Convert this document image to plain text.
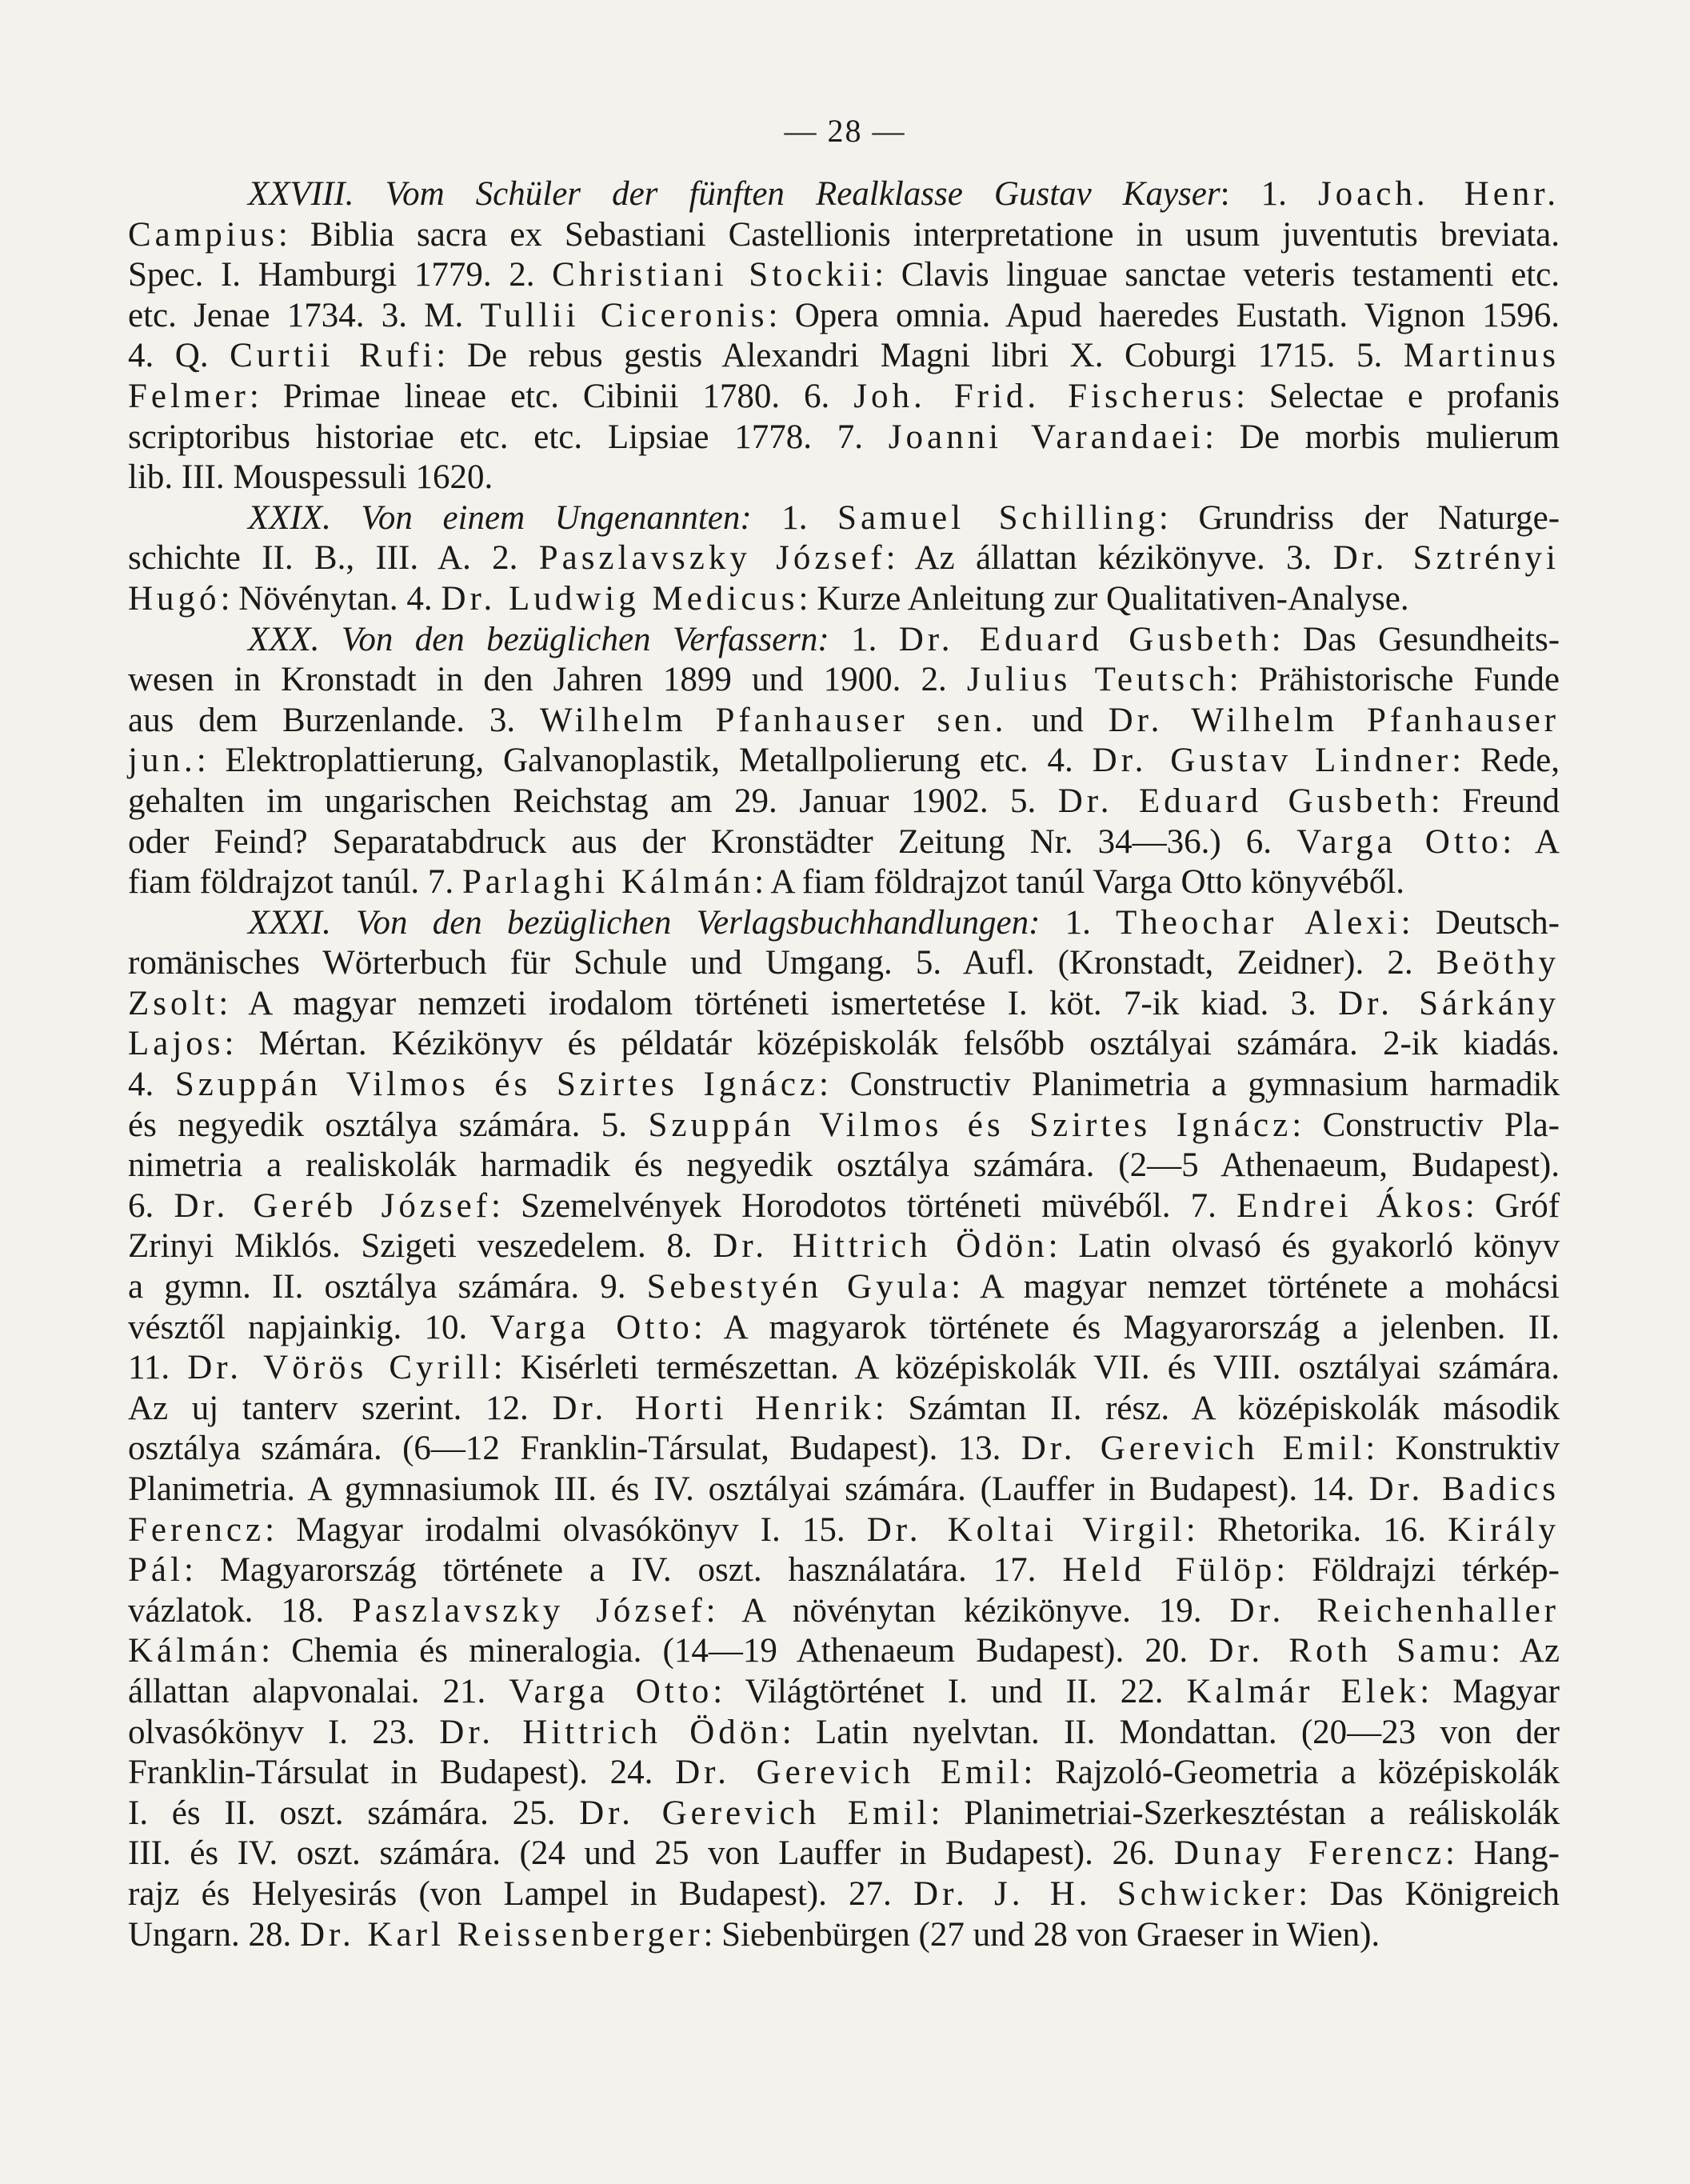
— 28 —
XXVIII. Vom Schüler der fünften Realklasse Gustav Kayser: 1. Joach. Henr.
Campius: Biblia sacra ex Sebastiani Castellionis interpretatione in usum juventutis breviata.
Spec. I. Hamburgi 1779. 2. Christiani Stockii: Clavis linguae sanctae veteris testamenti etc.
etc. Jenae 1734. 3. M. Tullii Ciceronis: Opera omnia. Apud haeredes Eustath. Vignon 1596.
4. Q. Curtii Rufi: De rebus gestis Alexandri Magni libri X. Coburgi 1715. 5. Martinus
Felmer: Primae lineae etc. Cibinii 1780. 6. Joh. Frid. Fischerus: Selectae e profanis
scriptoribus historiae etc. etc. Lipsiae 1778. 7. Joanni Varandaei: De morbis mulierum
lib. III. Mouspessuli 1620.
XXIX. Von einem Ungenannten: 1. Samuel Schilling: Grundriss der Naturge-
schichte II. B., III. A. 2. Paszlavszky József: Az állattan kézikönyve. 3. Dr. Sztrényi
Hugó: Növénytan. 4. Dr. Ludwig Medicus: Kurze Anleitung zur Qualitativen-Analyse.
XXX. Von den bezüglichen Verfassern: 1. Dr. Eduard Gusbeth: Das Gesundheits-
wesen in Kronstadt in den Jahren 1899 und 1900. 2. Julius Teutsch: Prähistorische Funde
aus dem Burzenlande. 3. Wilhelm Pfanhauser sen. und Dr. Wilhelm Pfanhauser
jun.: Elektroplattierung, Galvanoplastik, Metallpolierung etc. 4. Dr. Gustav Lindner: Rede,
gehalten im ungarischen Reichstag am 29. Januar 1902. 5. Dr. Eduard Gusbeth: Freund
oder Feind? Separatabdruck aus der Kronstädter Zeitung Nr. 34—36.) 6. Varga Otto: A
fiam földrajzot tanúl. 7. Parlaghi Kálmán: A fiam földrajzot tanúl Varga Otto könyvéből.
XXXI. Von den bezüglichen Verlagsbuchhandlungen: 1. Theochar Alexi: Deutsch-
romänisches Wörterbuch für Schule und Umgang. 5. Aufl. (Kronstadt, Zeidner). 2. Beöthy
Zsolt: A magyar nemzeti irodalom történeti ismertetése I. köt. 7-ik kiad. 3. Dr. Sárkány
Lajos: Mértan. Kézikönyv és példatár középiskolák felsőbb osztályai számára. 2-ik kiadás.
4. Szuppán Vilmos és Szirtes Ignácz: Constructiv Planimetria a gymnasium harmadik
és negyedik osztálya számára. 5. Szuppán Vilmos és Szirtes Ignácz: Constructiv Pla-
nimetria a realiskolák harmadik és negyedik osztálya számára. (2—5 Athenaeum, Budapest).
6. Dr. Geréb József: Szemelvények Horodotos történeti müvéből. 7. Endrei Ákos: Gróf
Zrinyi Miklós. Szigeti veszedelem. 8. Dr. Hittrich Ödön: Latin olvasó és gyakorló könyv
a gymn. II. osztálya számára. 9. Sebestyén Gyula: A magyar nemzet története a mohácsi
vésztől napjainkig. 10. Varga Otto: A magyarok története és Magyarország a jelenben. II.
11. Dr. Vörös Cyrill: Kisérleti természettan. A középiskolák VII. és VIII. osztályai számára.
Az uj tanterv szerint. 12. Dr. Horti Henrik: Számtan II. rész. A középiskolák második
osztálya számára. (6—12 Franklin-Társulat, Budapest). 13. Dr. Gerevich Emil: Konstruktiv
Planimetria. A gymnasiumok III. és IV. osztályai számára. (Lauffer in Budapest). 14. Dr. Badics
Ferencz: Magyar irodalmi olvasókönyv I. 15. Dr. Koltai Virgil: Rhetorika. 16. Király
Pál: Magyarország története a IV. oszt. használatára. 17. Held Fülöp: Földrajzi térkép-
vázlatok. 18. Paszlavszky József: A növénytan kézikönyve. 19. Dr. Reichenhaller
Kálmán: Chemia és mineralogia. (14—19 Athenaeum Budapest). 20. Dr. Roth Samu: Az
állattan alapvonalai. 21. Varga Otto: Világtörténet I. und II. 22. Kalmár Elek: Magyar
olvasókönyv I. 23. Dr. Hittrich Ödön: Latin nyelvtan. II. Mondattan. (20—23 von der
Franklin-Társulat in Budapest). 24. Dr. Gerevich Emil: Rajzoló-Geometria a középiskolák
I. és II. oszt. számára. 25. Dr. Gerevich Emil: Planimetriai-Szerkesztéstan a reáliskolák
III. és IV. oszt. számára. (24 und 25 von Lauffer in Budapest). 26. Dunay Ferencz: Hang-
rajz és Helyesirás (von Lampel in Budapest). 27. Dr. J. H. Schwicker: Das Königreich
Ungarn. 28. Dr. Karl Reissenberger: Siebenbürgen (27 und 28 von Graeser in Wien).
